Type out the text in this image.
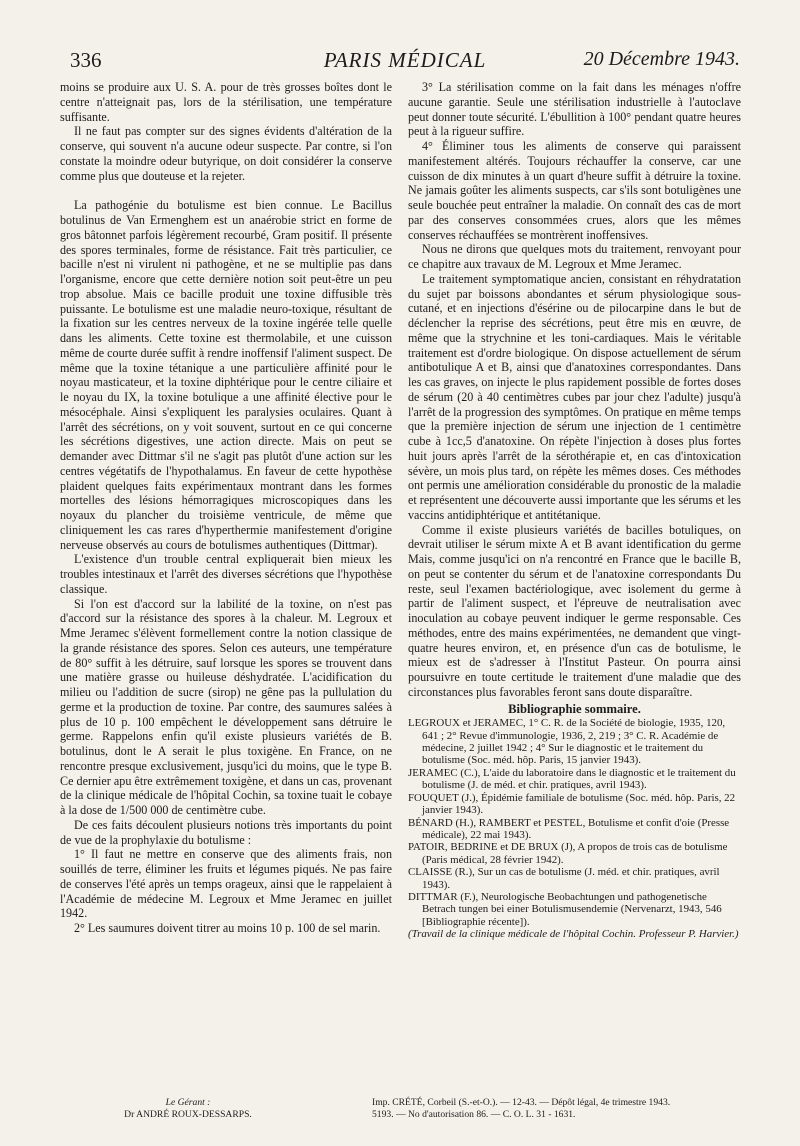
336	PARIS MÉDICAL	20 Décembre 1943.

moins se produire aux U. S. A. pour de très grosses boîtes dont le centre n'atteignait pas, lors de la stérilisation, une température suffisante.

Il ne faut pas compter sur des signes évidents d'altération de la conserve, qui souvent n'a aucune odeur suspecte. Par contre, si l'on constate la moindre odeur butyrique, on doit considérer la conserve comme plus que douteuse et la rejeter.

La pathogénie du botulisme est bien connue. Le Bacillus botulinus de Van Ermenghem est un anaérobie strict en forme de gros bâtonnet parfois légèrement recourbé, Gram positif. Il présente des spores terminales, forme de résistance. Fait très particulier, ce bacille n'est ni virulent ni pathogène, et ne se multiplie pas dans l'organisme, encore que cette dernière notion soit peut-être un peu trop absolue. Mais ce bacille produit une toxine diffusible très puissante. Le botulisme est une maladie neuro-toxique, résultant de la fixation sur les centres nerveux de la toxine ingérée telle quelle dans les aliments. Cette toxine est thermolabile, et une cuisson même de courte durée suffit à rendre inoffensif l'aliment suspect. De même que la toxine tétanique a une particulière affinité pour le noyau masticateur, et la toxine diphtérique pour le centre ciliaire et le noyau du IX, la toxine botulique a une affinité élective pour le mésocéphale. Ainsi s'expliquent les paralysies oculaires. Quant à l'arrêt des sécrétions, on y voit souvent, surtout en ce qui concerne les sécrétions digestives, une action directe. Mais on peut se demander avec Dittmar s'il ne s'agit pas plutôt d'une action sur les centres végétatifs de l'hypothalamus. En faveur de cette hypothèse plaident quelques faits expérimentaux montrant dans les formes mortelles des lésions hémorragiques microscopiques dans les noyaux du plancher du troisième ventricule, de même que cliniquement les cas rares d'hyperthermie manifestement d'origine nerveuse observés au cours de botulismes authentiques (Dittmar).

L'existence d'un trouble central expliquerait bien mieux les troubles intestinaux et l'arrêt des diverses sécrétions que l'hypothèse classique.

Si l'on est d'accord sur la labilité de la toxine, on n'est pas d'accord sur la résistance des spores à la chaleur. M. Legroux et Mme Jeramec s'élèvent formellement contre la notion classique de la grande résistance des spores. Selon ces auteurs, une température de 80° suffit à les détruire, sauf lorsque les spores se trouvent dans une matière grasse ou huileuse déshydratée. L'acidification du milieu ou l'addition de sucre (sirop) ne gêne pas la pullulation du germe et la production de toxine. Par contre, des saumures salées à plus de 10 p. 100 empêchent le développement sans détruire le germe. Rappelons enfin qu'il existe plusieurs variétés de B. botulinus, dont le A serait le plus toxigène. En France, on ne rencontre presque exclusivement, jusqu'ici du moins, que le type B. Ce dernier apu être extrêmement toxigène, et dans un cas, provenant de la clinique médicale de l'hôpital Cochin, sa toxine tuait le cobaye à la dose de 1/500 000 de centimètre cube.

De ces faits découlent plusieurs notions très importants du point de vue de la prophylaxie du botulisme :

1° Il faut ne mettre en conserve que des aliments frais, non souillés de terre, éliminer les fruits et légumes piqués. Ne pas faire de conserves l'été après un temps orageux, ainsi que le rappelaient à l'Académie de médecine M. Legroux et Mme Jeramec en juillet 1942.

2° Les saumures doivent titrer au moins 10 p. 100 de sel marin.

3° La stérilisation comme on la fait dans les ménages n'offre aucune garantie. Seule une stérilisation industrielle à l'autoclave peut donner toute sécurité. L'ébullition à 100° pendant quatre heures peut à la rigueur suffire.

4° Éliminer tous les aliments de conserve qui paraissent manifestement altérés. Toujours réchauffer la conserve, car une cuisson de dix minutes à un quart d'heure suffit à détruire la toxine. Ne jamais goûter les aliments suspects, car s'ils sont botuligènes une seule bouchée peut entraîner la maladie. On connaît des cas de mort par des conserves consommées crues, alors que les mêmes conserves réchauffées se montrèrent inoffensives.

Nous ne dirons que quelques mots du traitement, renvoyant pour ce chapitre aux travaux de M. Legroux et Mme Jeramec.

Le traitement symptomatique ancien, consistant en réhydratation du sujet par boissons abondantes et sérum physiologique sous-cutané, et en injections d'ésérine ou de pilocarpine dans le but de déclencher la reprise des sécrétions, peut être mis en œuvre, de même que la strychnine et les toni-cardiaques. Mais le véritable traitement est d'ordre biologique. On dispose actuellement de sérum antibotulique A et B, ainsi que d'anatoxines correspondantes. Dans les cas graves, on injecte le plus rapidement possible de fortes doses de sérum (20 à 40 centimètres cubes par jour chez l'adulte) jusqu'à l'arrêt de la progression des symptômes. On pratique en même temps que la première injection de sérum une injection de 1 centimètre cube à 1cc,5 d'anatoxine. On répète l'injection à doses plus fortes huit jours après l'arrêt de la sérothérapie et, en cas d'intoxication sévère, un mois plus tard, on répète les mêmes doses. Ces méthodes ont permis une amélioration considérable du pronostic de la maladie et représentent une découverte aussi importante que les sérums et les vaccins antidiphtérique et antitétanique.

Comme il existe plusieurs variétés de bacilles botuliques, on devrait utiliser le sérum mixte A et B avant identification du germe Mais, comme jusqu'ici on n'a rencontré en France que le bacille B, on peut se contenter du sérum et de l'anatoxine correspondants Du reste, seul l'examen bactériologique, avec isolement du germe à partir de l'aliment suspect, et l'épreuve de neutralisation avec inoculation au cobaye peuvent indiquer le germe responsable. Ces méthodes, entre des mains expérimentées, ne demandent que vingt-quatre heures environ, et, en présence d'un cas de botulisme, le mieux est de s'adresser à l'Institut Pasteur. On pourra ainsi poursuivre en toute certitude le traitement d'une maladie que des circonstances plus favorables feront sans doute disparaître.

Bibliographie sommaire.

LEGROUX et JERAMEC, 1° C. R. de la Société de biologie, 1935, 120, 641 ; 2° Revue d'immunologie, 1936, 2, 219 ; 3° C. R. Académie de médecine, 2 juillet 1942 ; 4° Sur le diagnostic et le traitement du botulisme (Soc. méd. hôp. Paris, 15 janvier 1943).

JERAMEC (C.), L'aide du laboratoire dans le diagnostic et le traitement du botulisme (J. de méd. et chir. pratiques, avril 1943).

FOUQUET (J.), Épidémie familiale de botulisme (Soc. méd. hôp. Paris, 22 janvier 1943).

BÉNARD (H.), RAMBERT et PESTEL, Botulisme et confit d'oie (Presse médicale), 22 mai 1943).

PATOIR, BEDRINE et DE BRUX (J), A propos de trois cas de botulisme (Paris médical, 28 février 1942).

CLAISSE (R.), Sur un cas de botulisme (J. méd. et chir. pratiques, avril 1943).

DITTMAR (F.), Neurologische Beobachtungen und pathogenetische Betrach tungen bei einer Botulismusendemie (Nervenarzt, 1943, 546 [Bibliographie récente]).

(Travail de la clinique médicale de l'hôpital Cochin. Professeur P. Harvier.)

Le Gérant :
Dr ANDRÉ ROUX-DESSARPS.
Imp. CRÉTÉ, Corbeil (S.-et-O.). — 12-43. — Dépôt légal, 4e trimestre 1943.
5193. — No d'autorisation 86. — C. O. L. 31 - 1631.
